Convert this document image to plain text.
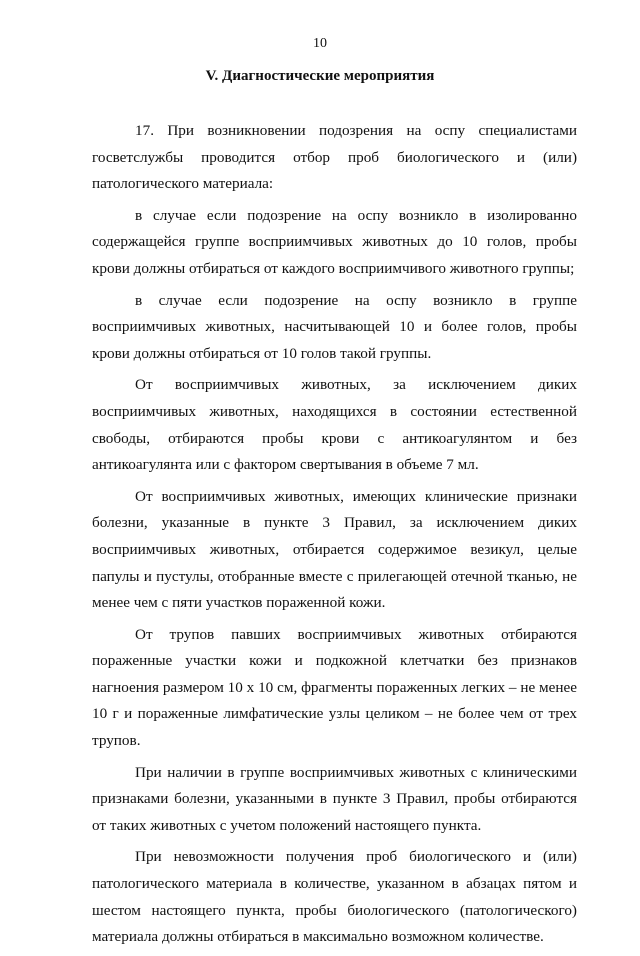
10
V. Диагностические мероприятия

17. При возникновении подозрения на оспу специалистами госветслужбы проводится отбор проб биологического и (или) патологического материала:

в случае если подозрение на оспу возникло в изолированно содержащейся группе восприимчивых животных до 10 голов, пробы крови должны отбираться от каждого восприимчивого животного группы;

в случае если подозрение на оспу возникло в группе восприимчивых животных, насчитывающей 10 и более голов, пробы крови должны отбираться от 10 голов такой группы.

От восприимчивых животных, за исключением диких восприимчивых животных, находящихся в состоянии естественной свободы, отбираются пробы крови с антикоагулянтом и без антикоагулянта или с фактором свертывания в объеме 7 мл.

От восприимчивых животных, имеющих клинические признаки болезни, указанные в пункте 3 Правил, за исключением диких восприимчивых животных, отбирается содержимое везикул, целые папулы и пустулы, отобранные вместе с прилегающей отечной тканью, не менее чем с пяти участков пораженной кожи.

От трупов павших восприимчивых животных отбираются пораженные участки кожи и подкожной клетчатки без признаков нагноения размером 10 х 10 см, фрагменты пораженных легких – не менее 10 г и пораженные лимфатические узлы целиком – не более чем от трех трупов.

При наличии в группе восприимчивых животных с клиническими признаками болезни, указанными в пункте 3 Правил, пробы отбираются от таких животных с учетом положений настоящего пункта.

При невозможности получения проб биологического и (или) патологического материала в количестве, указанном в абзацах пятом и шестом настоящего пункта, пробы биологического (патологического) материала должны отбираться в максимально возможном количестве.
